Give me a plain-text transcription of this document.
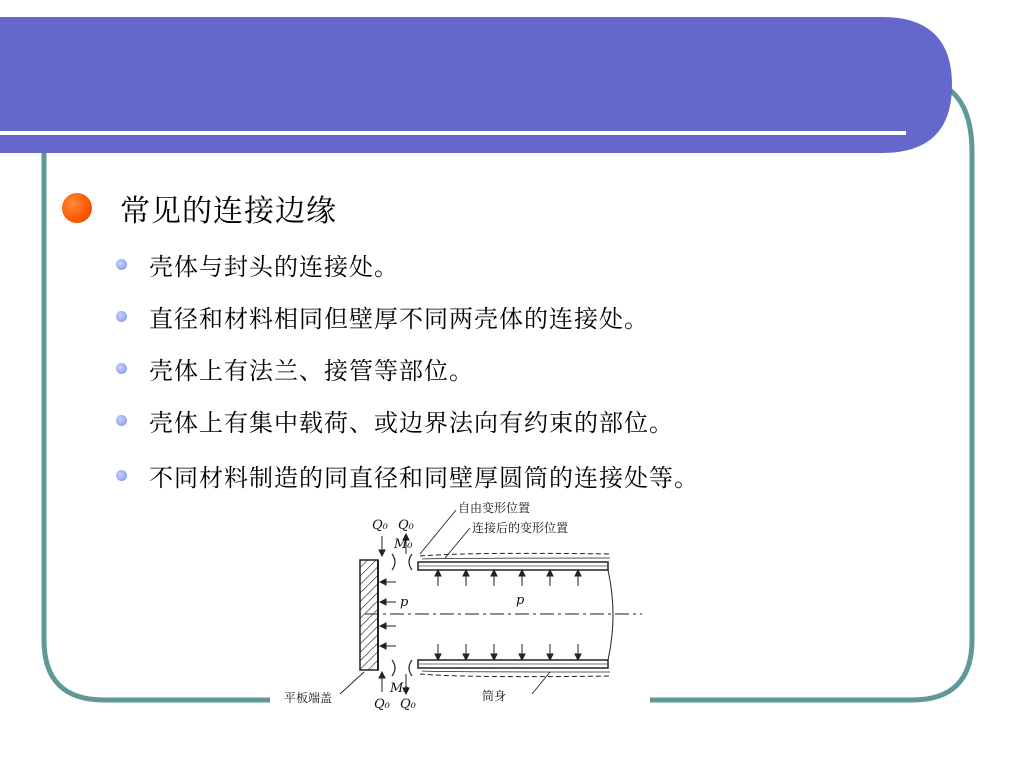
常见的连接边缘
壳体与封头的连接处。
直径和材料相同但壁厚不同两壳体的连接处。
壳体上有法兰、接管等部位。
壳体上有集中载荷、或边界法向有约束的部位。
不同材料制造的同直径和同壁厚圆筒的连接处等。
自由变形位置
连接后的变形位置
平板端盖	筒身
Q₀ Q₀
M₀
M₀
Q₀ Q₀
p	p
